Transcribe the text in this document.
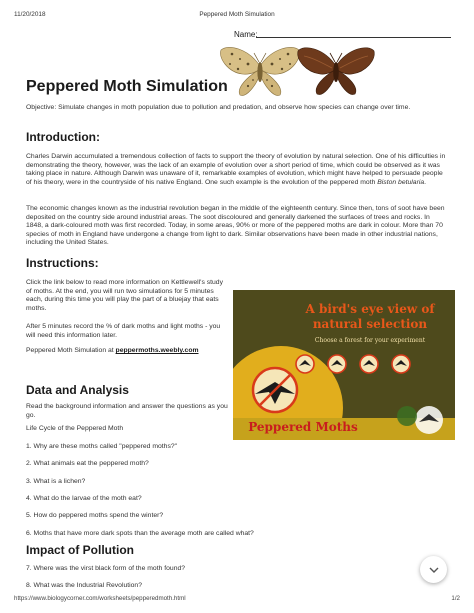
11/20/2018	Peppered Moth Simulation
Name:
Peppered Moth Simulation
Objective: Simulate changes in moth population due to pollution and predation, and observe how species can change over time.
Introduction:
Charles Darwin accumulated a tremendous collection of facts to support the theory of evolution by natural selection. One of his difficulties in demonstrating the theory, however, was the lack of an example of evolution over a short period of time, which could be observed as it was taking place in nature. Although Darwin was unaware of it, remarkable examples of evolution, which might have helped to persuade people of his theory, were in the countryside of his native England. One such example is the evolution of the peppered moth Biston betularia.
The economic changes known as the industrial revolution began in the middle of the eighteenth century. Since then, tons of soot have been deposited on the country side around industrial areas. The soot discoloured and generally darkened the surfaces of trees and rocks. In 1848, a dark-coloured moth was first recorded. Today, in some areas, 90% or more of the peppered moths are dark in colour. More than 70 species of moth in England have undergone a change from light to dark. Similar observations have been made in other industrial nations, including the United States.
Instructions:
Click the link below to read more information on Kettlewell's study of moths. At the end, you will run two simulations for 5 minutes each, during this time you will play the part of a bluejay that eats moths.
After 5 minutes record the % of dark moths and light moths - you will need this information later.
Peppered Moth Simulation at peppermoths.weebly.com
A bird's eye view of
natural selection
Choose a forest for your experiment
Peppered Moths
Data and Analysis
Read the background information and answer the questions as you go.
Life Cycle of the Peppered Moth
1. Why are these moths called "peppered moths?"
2. What animals eat the peppered moth?
3. What is a lichen?
4. What do the larvae of the moth eat?
5. How do peppered moths spend the winter?
6. Moths that have more dark spots than the average moth are called what?
Impact of Pollution
7. Where was the virst black form of the moth found?
8. What was the Industrial Revolution?
https://www.biologycorner.com/worksheets/pepperedmoth.html	1/2
